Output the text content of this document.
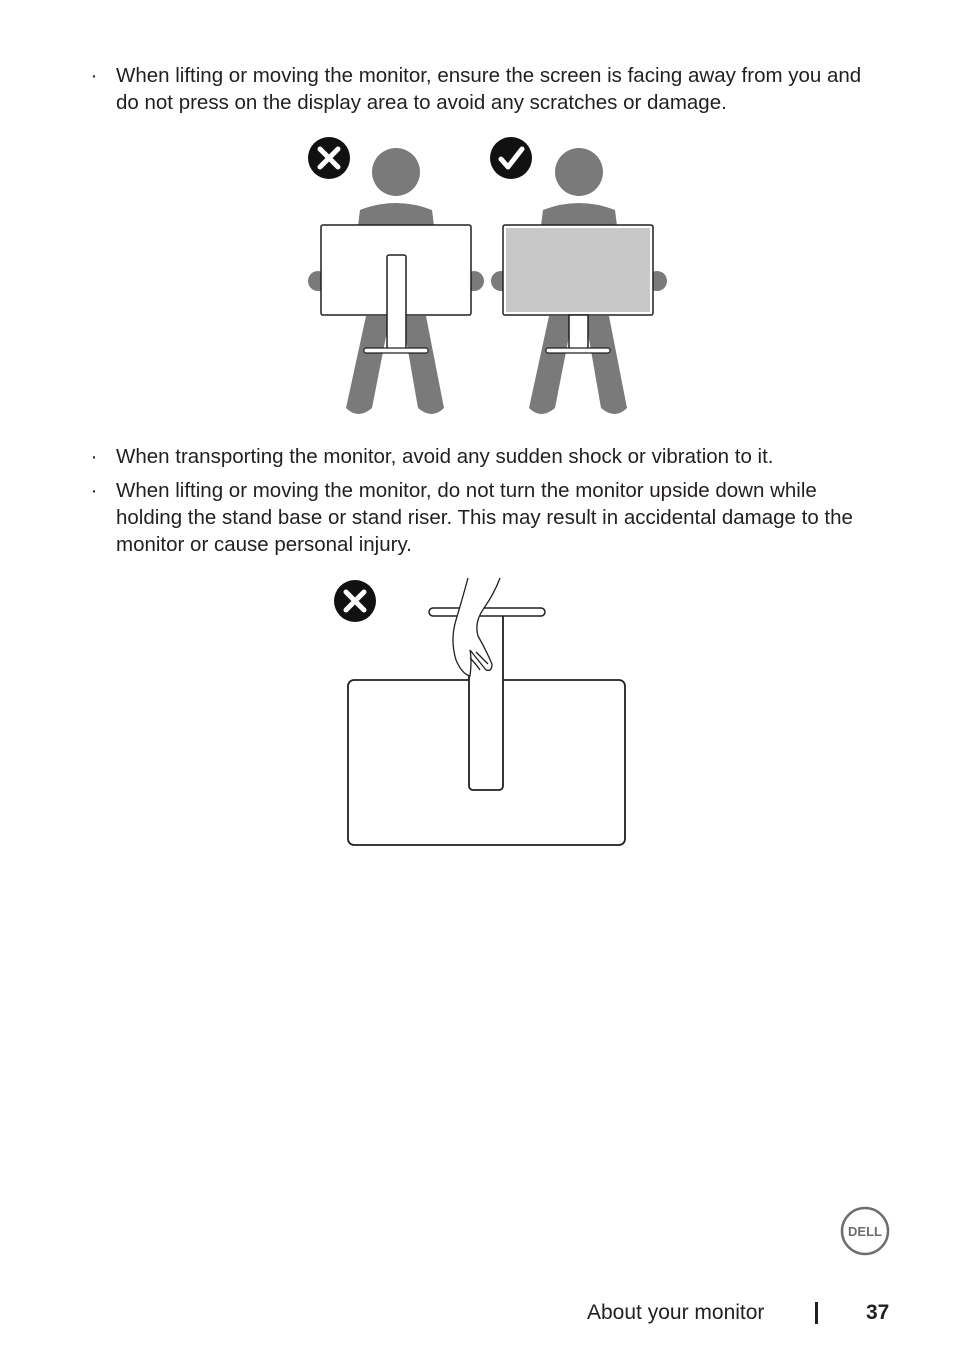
· When lifting or moving the monitor, ensure the screen is facing away from you and do not press on the display area to avoid any scratches or damage.
DELL
· When transporting the monitor, avoid any sudden shock or vibration to it.
· When lifting or moving the monitor, do not turn the monitor upside down while holding the stand base or stand riser. This may result in accidental damage to the monitor or cause personal injury.
About your monitor	37
